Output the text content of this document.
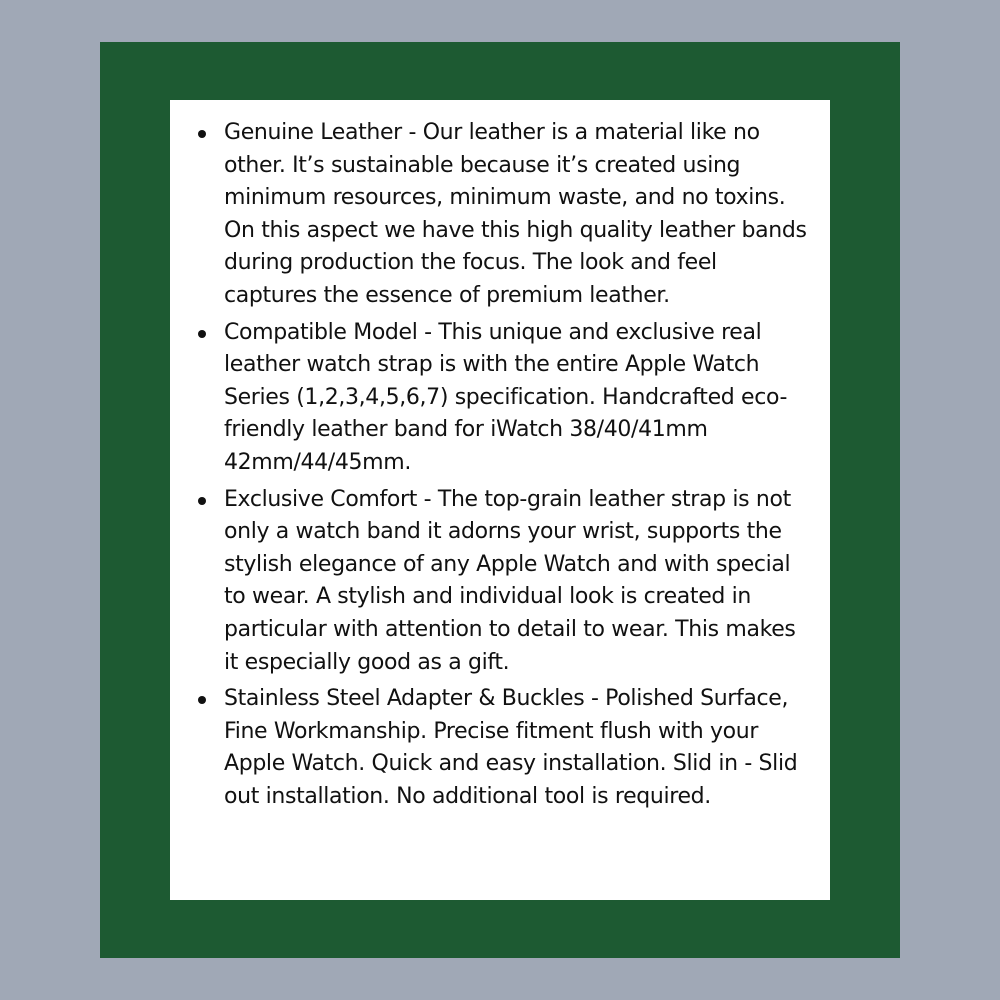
Genuine Leather - Our leather is a material like no other. It’s sustainable because it’s created using minimum resources, minimum waste, and no toxins. On this aspect we have this high quality leather bands during production the focus. The look and feel captures the essence of premium leather.
Compatible Model - This unique and exclusive real leather watch strap is with the entire Apple Watch Series (1,2,3,4,5,6,7) specification. Handcrafted eco-friendly leather band for iWatch 38/40/41mm 42mm/44/45mm.
Exclusive Comfort - The top-grain leather strap is not only a watch band it adorns your wrist, supports the stylish elegance of any Apple Watch and with special to wear. A stylish and individual look is created in particular with attention to detail to wear. This makes it especially good as a gift.
Stainless Steel Adapter & Buckles - Polished Surface, Fine Workmanship. Precise fitment flush with your Apple Watch. Quick and easy installation. Slid in - Slid out installation. No additional tool is required.
